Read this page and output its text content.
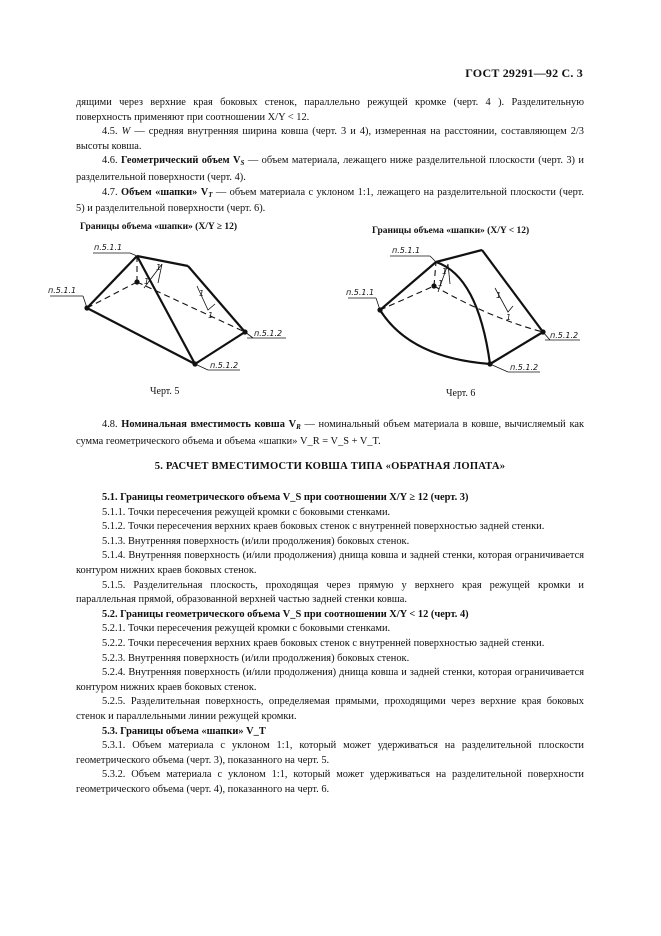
ГОСТ 29291—92 С. 3

дящими через верхние края боковых стенок, параллельно режущей кромке (черт. 4 ). Разделительную поверхность применяют при соотношении X/Y < 12.

4.5. W — средняя внутренняя ширина ковша (черт. 3 и 4), измеренная на расстоянии, составляющем 2/3 высоты ковша.

4.6. Геометрический объем $V_S$ — объем материала, лежащего ниже разделительной плоскости (черт. 3) и разделительной поверхности (черт. 4).

4.7. Объем «шапки» $V_T$ — объем материала с уклоном 1:1, лежащего на разделительной плоскости (черт. 5) и разделительной поверхности (черт. 6).

Границы объема «шапки» (X/Y ≥ 12)
п.5.1.1
п.5.1.1
п.5.1.2
п.5.1.2
1
1
1
1
Черт. 5
Границы объема «шапки» (X/Y < 12)
п.5.1.1
п.5.1.1
п.5.1.2
п.5.1.2
1
1
1
1
Черт. 6

4.8. Номинальная вместимость ковша $V_R$ — номинальный объем материала в ковше, вычисляемый как сумма геометрического объема и объема «шапки» V_R = V_S + V_T.

5. РАСЧЕТ ВМЕСТИМОСТИ КОВША ТИПА «ОБРАТНАЯ ЛОПАТА»

5.1. Границы геометрического объема V_S при соотношении X/Y ≥ 12 (черт. 3)

5.1.1. Точки пересечения режущей кромки с боковыми стенками.

5.1.2. Точки пересечения верхних краев боковых стенок с внутренней поверхностью задней стенки.

5.1.3. Внутренняя поверхность (и/или продолжения) боковых стенок.

5.1.4. Внутренняя поверхность (и/или продолжения) днища ковша и задней стенки, которая ограничивается контуром нижних краев боковых стенок.

5.1.5. Разделительная плоскость, проходящая через прямую у верхнего края режущей кромки и параллельная прямой, образованной верхней частью задней стенки ковша.

5.2. Границы геометрического объема V_S при соотношении X/Y < 12 (черт. 4)

5.2.1. Точки пересечения режущей кромки с боковыми стенками.

5.2.2. Точки пересечения верхних краев боковых стенок с внутренней поверхностью задней стенки.

5.2.3. Внутренняя поверхность (и/или продолжения) боковых стенок.

5.2.4. Внутренняя поверхность (и/или продолжения) днища ковша и задней стенки, которая ограничивается контуром нижних краев боковых стенок.

5.2.5. Разделительная поверхность, определяемая прямыми, проходящими через верхние края боковых стенок и параллельными линии режущей кромки.

5.3. Границы объема «шапки» V_T

5.3.1. Объем материала с уклоном 1:1, который может удерживаться на разделительной плоскости геометрического объема (черт. 3), показанного на черт. 5.

5.3.2. Объем материала с уклоном 1:1, который может удерживаться на разделительной поверхности геометрического объема (черт. 4), показанного на черт. 6.
